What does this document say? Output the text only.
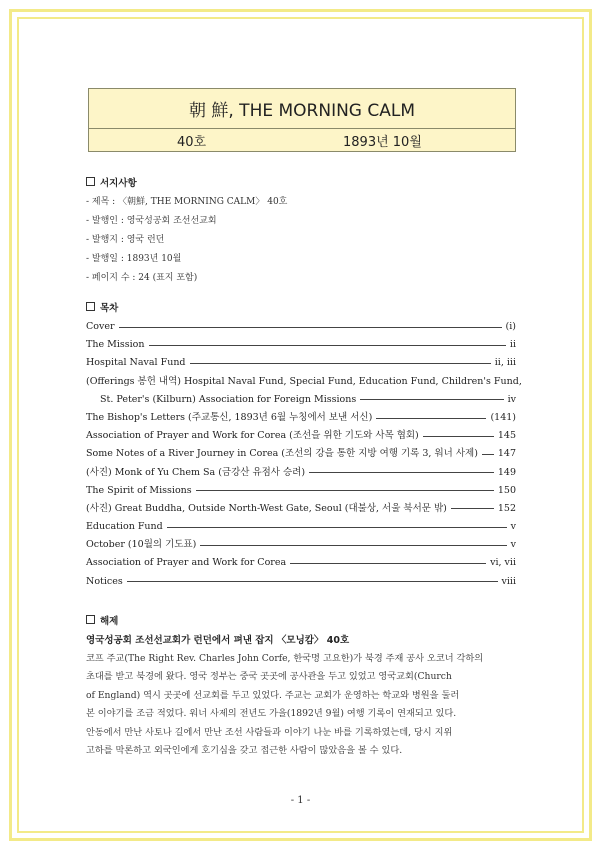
朝 鮮, THE MORNING CALM
40호	1893년 10월
서지사항
- 제목 : 〈朝鮮, THE MORNING CALM〉 40호
- 발행인 : 영국성공회 조선선교회
- 발행지 : 영국 런던
- 발행일 : 1893년 10월
- 페이지 수 : 24 (표지 포함)
목차
Cover	(i)
The Mission	ii
Hospital Naval Fund	ii, iii
(Offerings 봉헌 내역) Hospital Naval Fund, Special Fund, Education Fund, Children's Fund,
St. Peter's (Kilburn) Association for Foreign Missions	iv
The Bishop's Letters (주교통신, 1893년 6월 누칭에서 보낸 서신)	(141)
Association of Prayer and Work for Corea (조선을 위한 기도와 사목 협회)	145
Some Notes of a River Journey in Corea (조선의 강을 통한 지방 여행 기록 3, 워너 사제) 147
(사진) Monk of Yu Chem Sa (금강산 유점사 승려)	149
The Spirit of Missions	150
(사진) Great Buddha, Outside North-West Gate, Seoul (대불상, 서울 북서문 밖)	152
Education Fund	v
October (10월의 기도표)	v
Association of Prayer and Work for Corea	vi, vii
Notices	viii
해제
영국성공회 조선선교회가 런던에서 펴낸 잡지 〈모닝캄〉 40호
코프 주교(The Right Rev. Charles John Corfe, 한국명 고요한)가 북경 주재 공사 오코너 각하의
초대를 받고 북경에 왔다. 영국 정부는 중국 곳곳에 공사관을 두고 있었고 영국교회(Church
of England) 역시 곳곳에 선교회를 두고 있었다. 주교는 교회가 운영하는 학교와 병원을 둘러
본 이야기를 조금 적었다. 워너 사제의 전년도 가을(1892년 9월) 여행 기록이 연재되고 있다.
안동에서 만난 사토나 길에서 만난 조선 사람들과 이야기 나눈 바를 기록하였는데, 당시 지위
고하를 막론하고 외국인에게 호기심을 갖고 접근한 사람이 많았음을 볼 수 있다.
- 1 -
